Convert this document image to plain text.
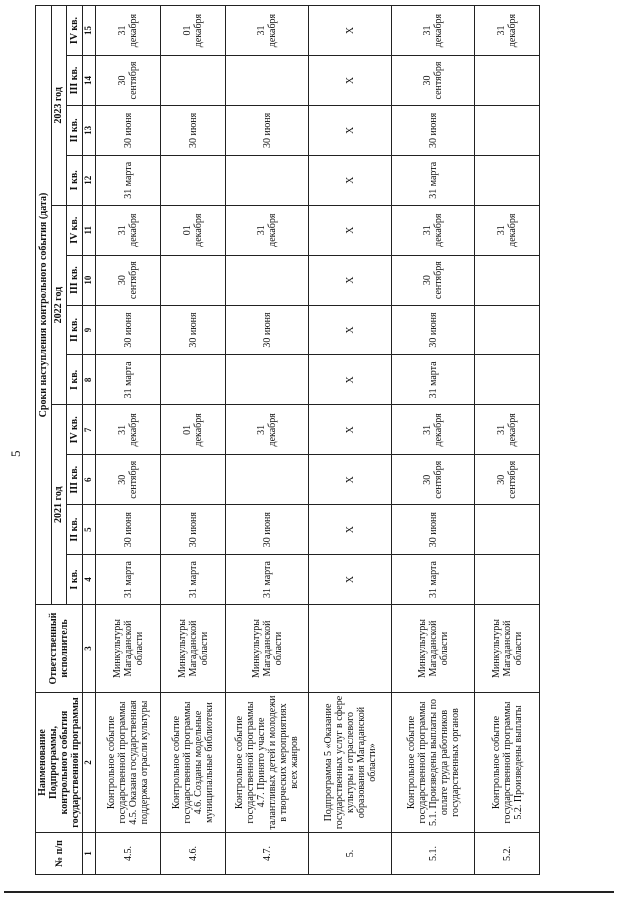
5
№ п/п	Наименование Подпрограммы, контрольного события государственной программы	Ответственный исполнитель	Сроки наступления контрольного события (дата)											
			2021 год				2022 год				2023 год			
			I кв.	II кв.	III кв.	IV кв.	I кв.	II кв.	III кв.	IV кв.	I кв.	II кв.	III кв.	IV кв.
1	2	3	4	5	6	7	8	9	10	11	12	13	14	15
4.5.	Контрольное событие государственной программы 4.5. Оказана государственная поддержка отрасли культуры	Минкультуры Магаданской области	31 марта	30 июня	30 сентября	31 декабря	31 марта	30 июня	30 сентября	31 декабря	31 марта	30 июня	30 сентября	31 декабря
4.6.	Контрольное событие государственной программы 4.6. Созданы модельные муниципальные библиотеки	Минкультуры Магаданской области	31 марта	30 июня		01 декабря		30 июня		01 декабря		30 июня		01 декабря
4.7.	Контрольное событие государственной программы 4.7. Принято участие талантливых детей и молодежи в творческих мероприятиях всех жанров	Минкультуры Магаданской области	31 марта	30 июня		31 декабря		30 июня		31 декабря		30 июня		31 декабря
5.	Подпрограмма 5 «Оказание государственных услуг в сфере культуры и отраслевого образования Магаданской области»		X	X	X	X	X	X	X	X	X	X	X	X
5.1.	Контрольное событие государственной программы 5.1. Произведены выплаты по оплате труда работников государственных органов	Минкультуры Магаданской области	31 марта	30 июня	30 сентября	31 декабря	31 марта	30 июня	30 сентября	31 декабря	31 марта	30 июня	30 сентября	31 декабря
5.2.	Контрольное событие государственной программы 5.2. Произведены выплаты	Минкультуры Магаданской области			30 сентября	31 декабря				31 декабря				31 декабря
